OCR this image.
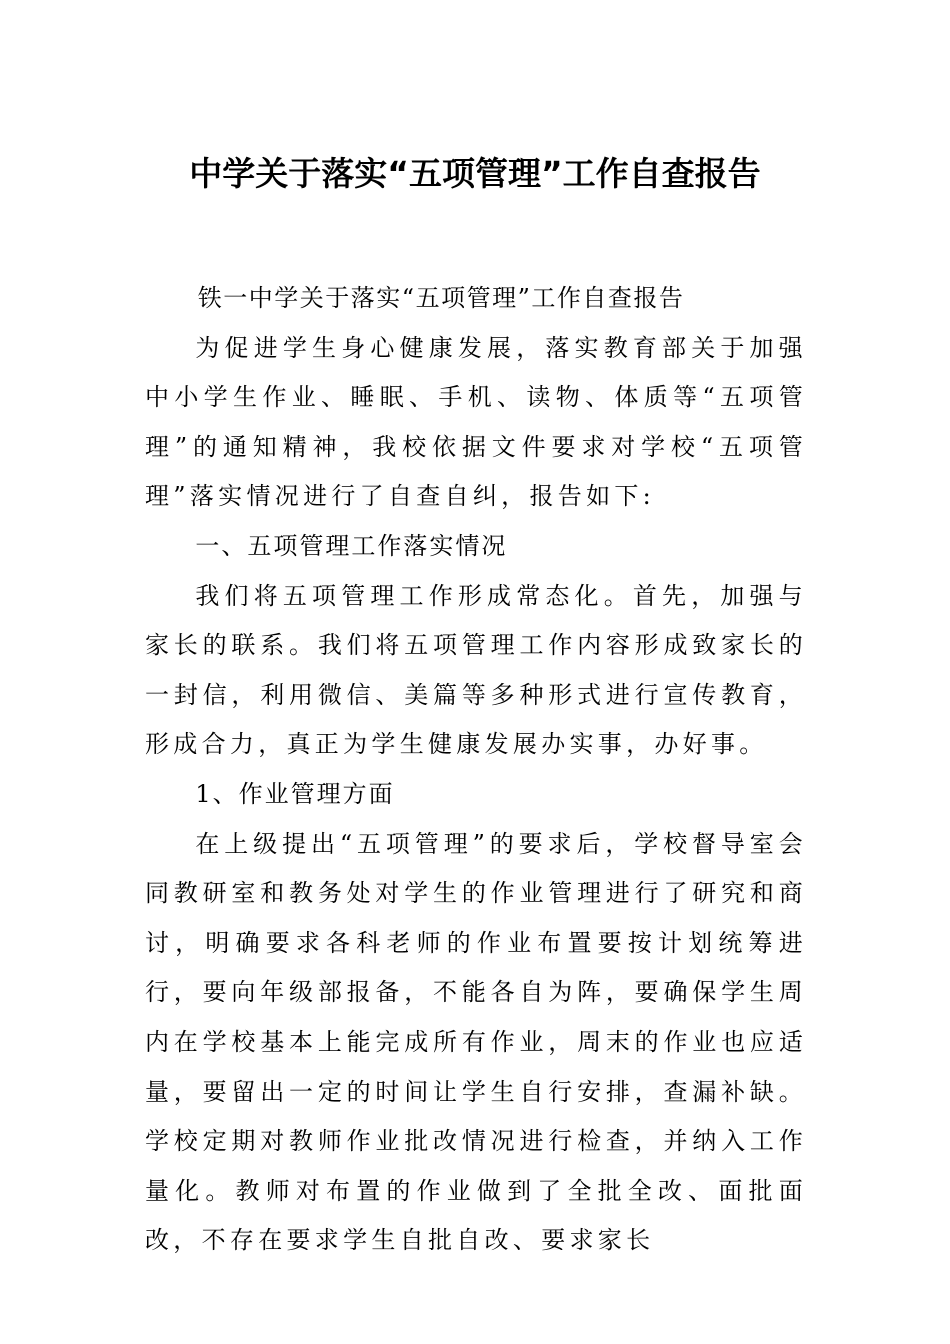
中学关于落实“五项管理”工作自查报告

铁一中学关于落实“五项管理”工作自查报告

为促进学生身心健康发展，落实教育部关于加强中小学生作业、睡眠、手机、读物、体质等“五项管理”的通知精神，我校依据文件要求对学校“五项管理”落实情况进行了自查自纠，报告如下:

一、五项管理工作落实情况

我们将五项管理工作形成常态化。首先，加强与家长的联系。我们将五项管理工作内容形成致家长的一封信，利用微信、美篇等多种形式进行宣传教育，形成合力，真正为学生健康发展办实事，办好事。

1、作业管理方面

在上级提出“五项管理”的要求后，学校督导室会同教研室和教务处对学生的作业管理进行了研究和商讨，明确要求各科老师的作业布置要按计划统筹进行，要向年级部报备，不能各自为阵，要确保学生周内在学校基本上能完成所有作业，周末的作业也应适量，要留出一定的时间让学生自行安排，查漏补缺。学校定期对教师作业批改情况进行检查，并纳入工作量化。教师对布置的作业做到了全批全改、面批面改，不存在要求学生自批自改、要求家长
